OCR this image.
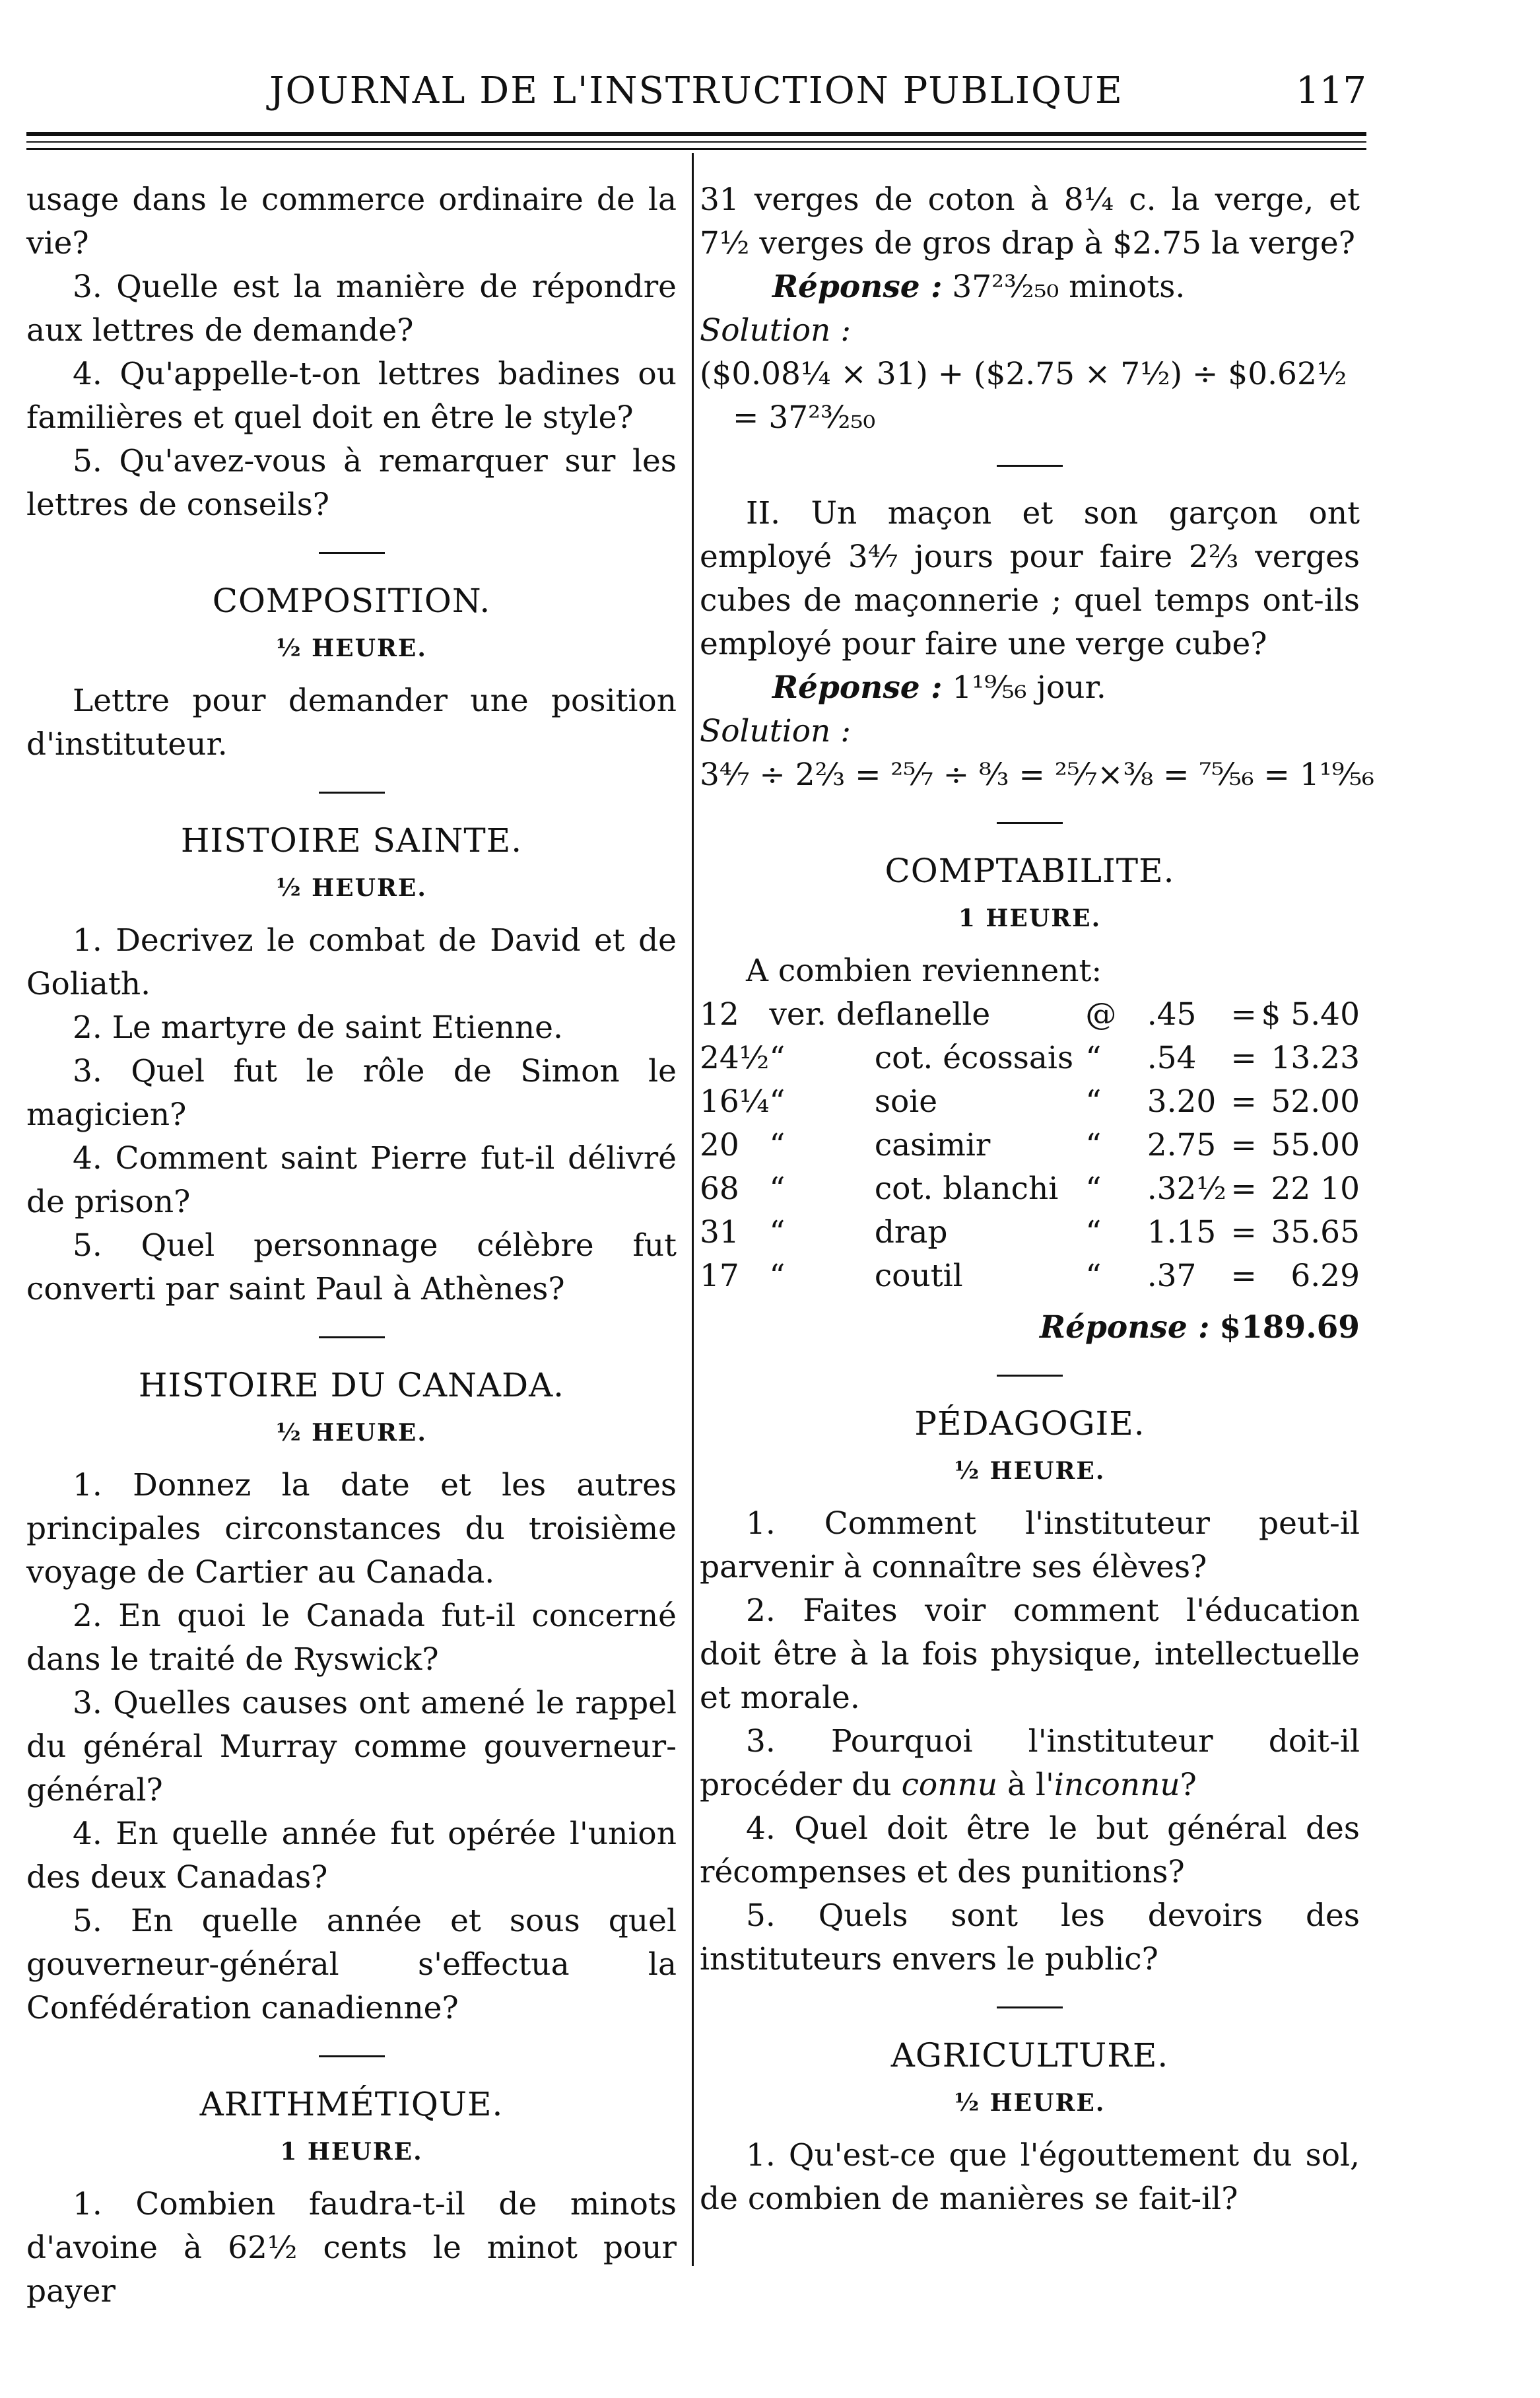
JOURNAL DE L'INSTRUCTION PUBLIQUE	117

usage dans le commerce ordinaire de la vie?

3. Quelle est la manière de répondre aux lettres de demande?

4. Qu'appelle-t-on lettres badines ou familières et quel doit en être le style?

5. Qu'avez-vous à remarquer sur les lettres de conseils?

COMPOSITION.
½ HEURE.

Lettre pour demander une position d'instituteur.

HISTOIRE SAINTE.
½ HEURE.

1. Decrivez le combat de David et de Goliath.

2. Le martyre de saint Etienne.

3. Quel fut le rôle de Simon le magicien?

4. Comment saint Pierre fut-il délivré de prison?

5. Quel personnage célèbre fut converti par saint Paul à Athènes?

HISTOIRE DU CANADA.
½ HEURE.

1. Donnez la date et les autres principales circonstances du troisième voyage de Cartier au Canada.

2. En quoi le Canada fut-il concerné dans le traité de Ryswick?

3. Quelles causes ont amené le rappel du général Murray comme gouverneur-général?

4. En quelle année fut opérée l'union des deux Canadas?

5. En quelle année et sous quel gouverneur-général s'effectua la Confédération canadienne?

ARITHMÉTIQUE.
1 HEURE.

1. Combien faudra-t-il de minots d'avoine à 62½ cents le minot pour payer

31 verges de coton à 8¼ c. la verge, et 7½ verges de gros drap à $2.75 la verge?

Réponse : 37²³⁄₂₅₀ minots.

Solution :

($0.08¼ × 31) + ($2.75 × 7½) ÷ $0.62½

= 37²³⁄₂₅₀

II. Un maçon et son garçon ont employé 3⁴⁄₇ jours pour faire 2⅔ verges cubes de maçonnerie ; quel temps ont-ils employé pour faire une verge cube?

Réponse : 1¹⁹⁄₅₆ jour.

Solution :

3⁴⁄₇ ÷ 2⅔ = ²⁵⁄₇ ÷ ⁸⁄₃ = ²⁵⁄₇×³⁄₈ = ⁷⁵⁄₅₆ = 1¹⁹⁄₅₆

COMPTABILITE.
1 HEURE.

A combien reviennent:

12	ver. de	flanelle	@	.45	=	$ 5.40
24½	“	cot. écossais	“	.54	=	13.23
16¼	“	soie	“	3.20	=	52.00
20	“	casimir	“	2.75	=	55.00
68	“	cot. blanchi	“	.32½	=	22 10
31	“	drap	“	1.15	=	35.65
17	“	coutil	“	.37	=	6.29

Réponse : $189.69

PÉDAGOGIE.
½ HEURE.

1. Comment l'instituteur peut-il parvenir à connaître ses élèves?

2. Faites voir comment l'éducation doit être à la fois physique, intellectuelle et morale.

3. Pourquoi l'instituteur doit-il procéder du connu à l'inconnu?

4. Quel doit être le but général des récompenses et des punitions?

5. Quels sont les devoirs des instituteurs envers le public?

AGRICULTURE.
½ HEURE.

1. Qu'est-ce que l'égouttement du sol, de combien de manières se fait-il?
